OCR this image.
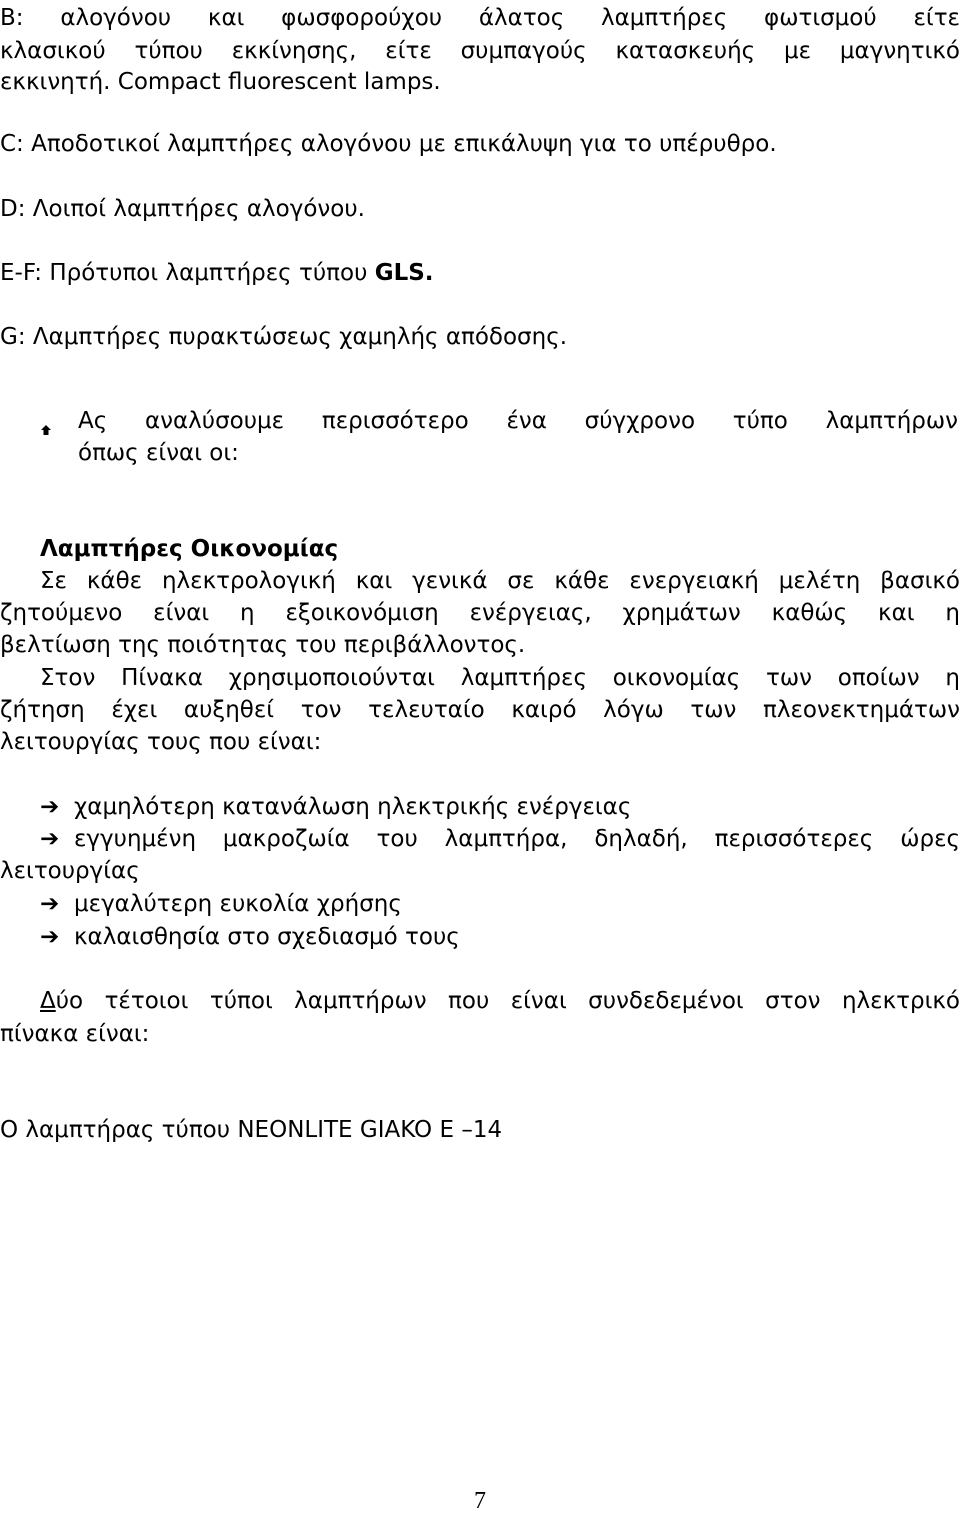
B: αλογόνου και φωσφορούχου άλατος λαμπτήρες φωτισμού είτε
κλασικού τύπου εκκίνησης, είτε συμπαγούς κατασκευής με μαγνητικό
εκκινητή. Compact fluorescent lamps.
C: Αποδοτικοί λαμπτήρες αλογόνου με επικάλυψη για το υπέρυθρο.
D: Λοιποί λαμπτήρες αλογόνου.
E-F: Πρότυποι λαμπτήρες τύπου GLS.
G: Λαμπτήρες πυρακτώσεως χαμηλής απόδοσης.
Ας αναλύσουμε περισσότερο ένα σύγχρονο τύπο λαμπτήρων
όπως είναι οι:
Λαμπτήρες Οικονομίας
Σε κάθε ηλεκτρολογική και γενικά σε κάθε ενεργειακή μελέτη βασικό
ζητούμενο είναι η εξοικονόμιση ενέργειας, χρημάτων καθώς και η
βελτίωση της ποιότητας του περιβάλλοντος.
Στον Πίνακα χρησιμοποιούνται λαμπτήρες οικονομίας των οποίων η
ζήτηση έχει αυξηθεί τον τελευταίο καιρό λόγω των πλεονεκτημάτων
λειτουργίας τους που είναι:
➔ χαμηλότερη κατανάλωση ηλεκτρικής ενέργειας
➔ εγγυημένη μακροζωία του λαμπτήρα, δηλαδή, περισσότερες ώρες
λειτουργίας
➔ μεγαλύτερη ευκολία χρήσης
➔ καλαισθησία στο σχεδιασμό τους
Δύο τέτοιοι τύποι λαμπτήρων που είναι συνδεδεμένοι στον ηλεκτρικό
πίνακα είναι:
Ο λαμπτήρας τύπου NEONLITE GIAKO E –14
7
